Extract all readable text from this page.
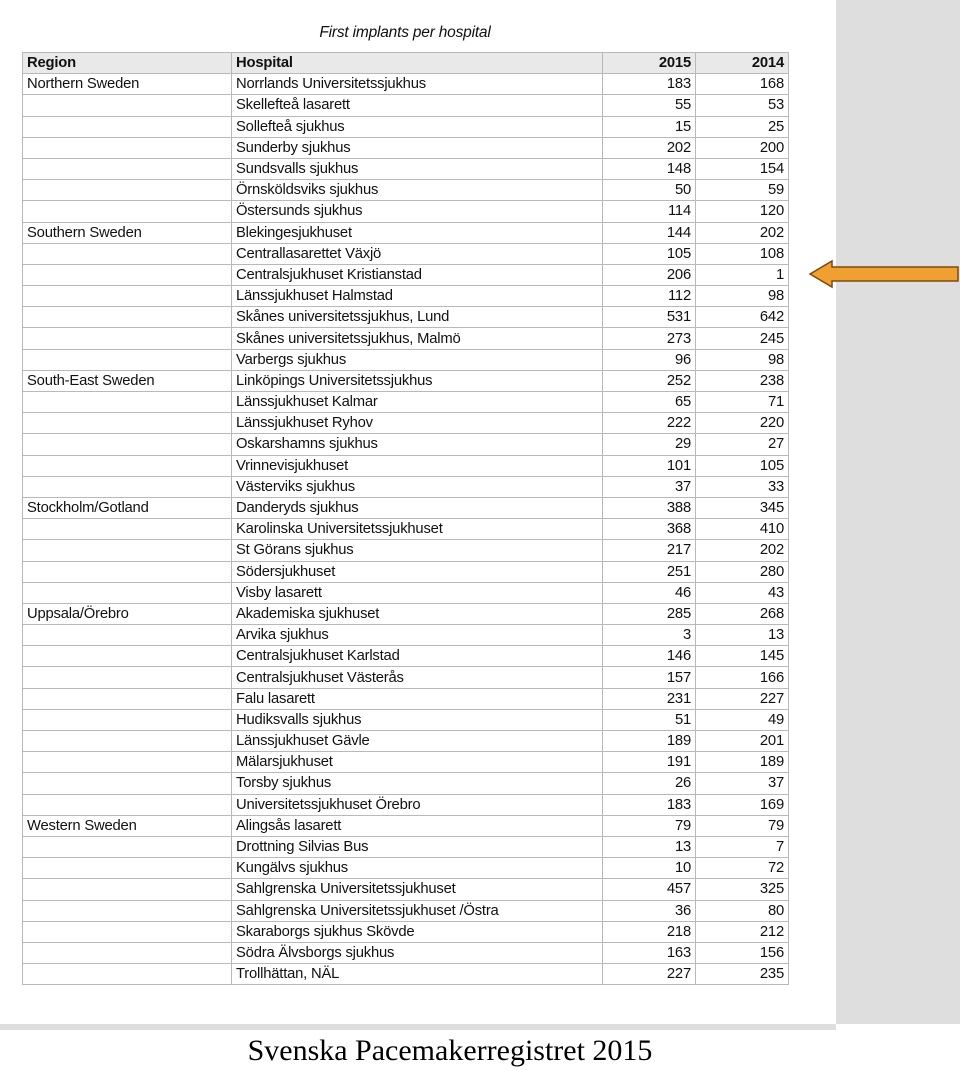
First implants per hospital
Region	Hospital	2015	2014
Northern Sweden	Norrlands Universitetssjukhus	183	168
	Skellefteå lasarett	55	53
	Sollefteå sjukhus	15	25
	Sunderby sjukhus	202	200
	Sundsvalls sjukhus	148	154
	Örnsköldsviks sjukhus	50	59
	Östersunds sjukhus	114	120
Southern Sweden	Blekingesjukhuset	144	202
	Centrallasarettet Växjö	105	108
	Centralsjukhuset Kristianstad	206	1
	Länssjukhuset Halmstad	112	98
	Skånes universitetssjukhus, Lund	531	642
	Skånes universitetssjukhus, Malmö	273	245
	Varbergs sjukhus	96	98
South-East Sweden	Linköpings Universitetssjukhus	252	238
	Länssjukhuset Kalmar	65	71
	Länssjukhuset Ryhov	222	220
	Oskarshamns sjukhus	29	27
	Vrinnevisjukhuset	101	105
	Västerviks sjukhus	37	33
Stockholm/Gotland	Danderyds sjukhus	388	345
	Karolinska Universitetssjukhuset	368	410
	St Görans sjukhus	217	202
	Södersjukhuset	251	280
	Visby lasarett	46	43
Uppsala/Örebro	Akademiska sjukhuset	285	268
	Arvika sjukhus	3	13
	Centralsjukhuset Karlstad	146	145
	Centralsjukhuset Västerås	157	166
	Falu lasarett	231	227
	Hudiksvalls sjukhus	51	49
	Länssjukhuset Gävle	189	201
	Mälarsjukhuset	191	189
	Torsby sjukhus	26	37
	Universitetssjukhuset Örebro	183	169
Western Sweden	Alingsås lasarett	79	79
	Drottning Silvias Bus	13	7
	Kungälvs sjukhus	10	72
	Sahlgrenska Universitetssjukhuset	457	325
	Sahlgrenska Universitetssjukhuset /Östra	36	80
	Skaraborgs sjukhus Skövde	218	212
	Södra Älvsborgs sjukhus	163	156
	Trollhättan, NÄL	227	235
Svenska Pacemakerregistret 2015
